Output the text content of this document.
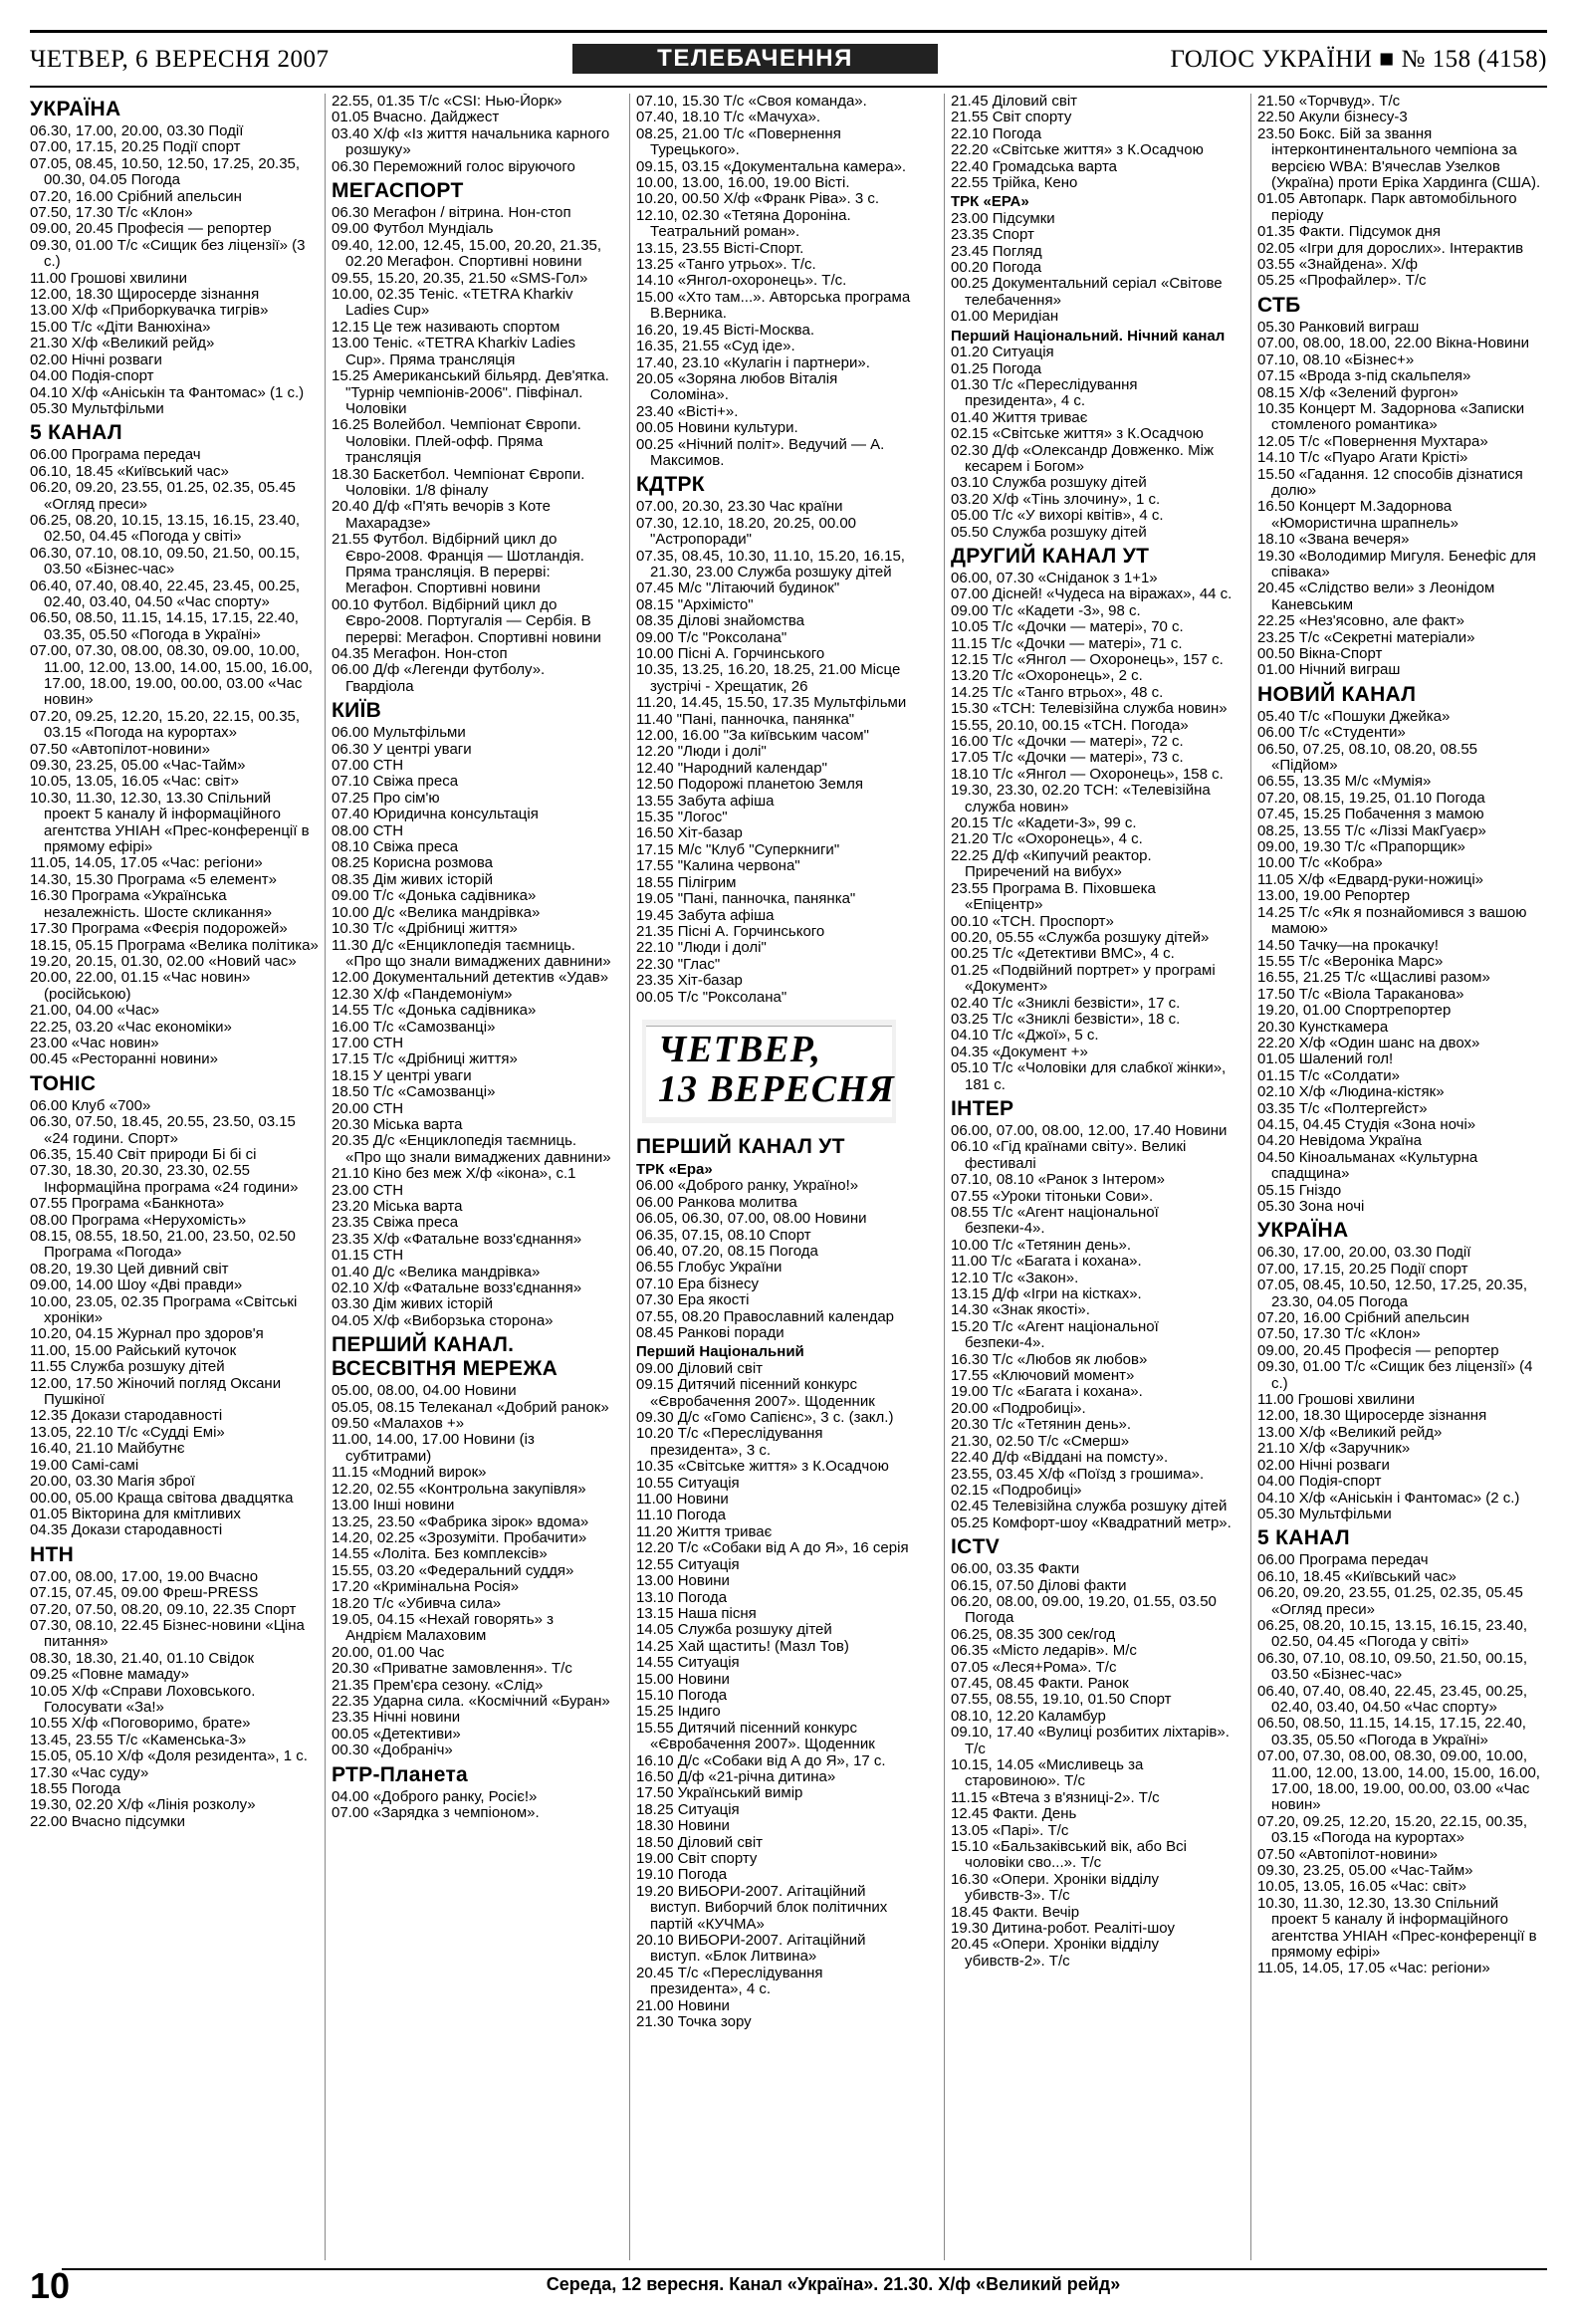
ЧЕТВЕР, 6 ВЕРЕСНЯ 2007	ТЕЛЕБАЧЕННЯ	ГОЛОС УКРАЇНИ ■ № 158 (4158)
УКРАЇНА
06.30, 17.00, 20.00, 03.30 Події
07.00, 17.15, 20.25 Події спорт
07.05, 08.45, 10.50, 12.50, 17.25, 20.35, 00.30, 04.05 Погода
07.20, 16.00 Срібний апельсин
07.50, 17.30 Т/с «Клон»
09.00, 20.45 Професія — репортер
09.30, 01.00 Т/с «Сищик без ліцензії» (3 с.)
11.00 Грошові хвилини
12.00, 18.30 Щиросерде зізнання
13.00 Х/ф «Приборкувачка тигрів»
15.00 Т/с «Діти Ванюхіна»
21.30 Х/ф «Великий рейд»
02.00 Нічні розваги
04.00 Подія-спорт
04.10 Х/ф «Аніськін та Фантомас» (1 с.)
05.30 Мультфільми
5 КАНАЛ
06.00 Програма передач
06.10, 18.45 «Київський час»
06.20, 09.20, 23.55, 01.25, 02.35, 05.45 «Огляд преси»
06.25, 08.20, 10.15, 13.15, 16.15, 23.40, 02.50, 04.45 «Погода у світі»
06.30, 07.10, 08.10, 09.50, 21.50, 00.15, 03.50 «Бізнес-час»
06.40, 07.40, 08.40, 22.45, 23.45, 00.25, 02.40, 03.40, 04.50 «Час спорту»
06.50, 08.50, 11.15, 14.15, 17.15, 22.40, 03.35, 05.50 «Погода в Україні»
07.00, 07.30, 08.00, 08.30, 09.00, 10.00, 11.00, 12.00, 13.00, 14.00, 15.00, 16.00, 17.00, 18.00, 19.00, 00.00, 03.00 «Час новин»
07.20, 09.25, 12.20, 15.20, 22.15, 00.35, 03.15 «Погода на курортах»
07.50 «Автопілот-новини»
09.30, 23.25, 05.00 «Час-Тайм»
10.05, 13.05, 16.05 «Час: світ»
10.30, 11.30, 12.30, 13.30 Спільний проект 5 каналу й інформаційного агентства УНІАН «Прес-конференції в прямому ефірі»
11.05, 14.05, 17.05 «Час: регіони»
14.30, 15.30 Програма «5 елемент»
16.30 Програма «Українська незалежність. Шосте скликання»
17.30 Програма «Феєрія подорожей»
18.15, 05.15 Програма «Велика політика»
19.20, 20.15, 01.30, 02.00 «Новий час»
20.00, 22.00, 01.15 «Час новин» (російською)
21.00, 04.00 «Час»
22.25, 03.20 «Час економіки»
23.00 «Час новин»
00.45 «Ресторанні новини»
ТОНІС
06.00 Клуб «700»
06.30, 07.50, 18.45, 20.55, 23.50, 03.15 «24 години. Спорт»
06.35, 15.40 Світ природи Бі бі сі
07.30, 18.30, 20.30, 23.30, 02.55 Інформаційна програма «24 години»
07.55 Програма «Банкнота»
08.00 Програма «Нерухомість»
08.15, 08.55, 18.50, 21.00, 23.50, 02.50 Програма «Погода»
08.20, 19.30 Цей дивний світ
09.00, 14.00 Шоу «Дві правди»
10.00, 23.05, 02.35 Програма «Світські хроніки»
10.20, 04.15 Журнал про здоров'я
11.00, 15.00 Райський куточок
11.55 Служба розшуку дітей
12.00, 17.50 Жіночий погляд Оксани Пушкіної
12.35 Докази стародавності
13.05, 22.10 Т/с «Судді Емі»
16.40, 21.10 Майбутнє
19.00 Самі-самі
20.00, 03.30 Магія зброї
00.00, 05.00 Краща світова двадцятка
01.05 Вікторина для кмітливих
04.35 Докази стародавності
НТН
07.00, 08.00, 17.00, 19.00 Вчасно
07.15, 07.45, 09.00 Фреш-PRESS
07.20, 07.50, 08.20, 09.10, 22.35 Спорт
07.30, 08.10, 22.45 Бізнес-новини «Ціна питання»
08.30, 18.30, 21.40, 01.10 Свідок
09.25 «Повне мамаду»
10.05 Х/ф «Справи Лоховського. Голосувати «За!»
10.55 Х/ф «Поговоримо, брате»
13.45, 23.55 Т/с «Каменська-3»
15.05, 05.10 Х/ф «Доля резидента», 1 с.
17.30 «Час суду»
18.55 Погода
19.30, 02.20 Х/ф «Лінія розколу»
22.00 Вчасно підсумки
22.55, 01.35 Т/с «CSI: Нью-Йорк»
01.05 Вчасно. Дайджест
03.40 Х/ф «Із життя начальника карного розшуку»
06.30 Переможний голос віруючого
МЕГАСПОРТ
06.30 Мегафон / вітрина. Нон-стоп
09.00 Футбол Мундіаль
09.40, 12.00, 12.45, 15.00, 20.20, 21.35, 02.20 Мегафон. Спортивні новини
09.55, 15.20, 20.35, 21.50 «SMS-Гол»
10.00, 02.35 Теніс. «TETRA Kharkiv Ladies Cup»
12.15 Це теж називають спортом
13.00 Теніс. «TETRA Kharkiv Ladies Cup». Пряма трансляція
15.25 Американський більярд. Дев'ятка. "Турнір чемпіонів-2006". Півфінал. Чоловіки
16.25 Волейбол. Чемпіонат Європи. Чоловіки. Плей-офф. Пряма трансляція
18.30 Баскетбол. Чемпіонат Європи. Чоловіки. 1/8 фіналу
20.40 Д/ф «П'ять вечорів з Коте Махарадзе»
21.55 Футбол. Відбірний цикл до Євро-2008. Франція — Шотландія. Пряма трансляція. В перерві: Мегафон. Спортивні новини
00.10 Футбол. Відбірний цикл до Євро-2008. Португалія — Сербія. В перерві: Мегафон. Спортивні новини
04.35 Мегафон. Нон-стоп
06.00 Д/ф «Легенди футболу». Гвардіола
КИЇВ
06.00 Мультфільми
06.30 У центрі уваги
07.00 СТН
07.10 Свіжа преса
07.25 Про сім'ю
07.40 Юридична консультація
08.00 СТН
08.10 Свіжа преса
08.25 Корисна розмова
08.35 Дім живих історій
09.00 Т/с «Донька садівника»
10.00 Д/с «Велика мандрівка»
10.30 Т/с «Дрібниці життя»
11.30 Д/с «Енциклопедія таємниць. «Про що знали вимаджених давнини»
12.00 Документальний детектив «Удав»
12.30 Х/ф «Пандемоніум»
14.55 Т/с «Донька садівника»
16.00 Т/с «Самозванці»
17.00 СТН
17.15 Т/с «Дрібниці життя»
18.15 У центрі уваги
18.50 Т/с «Самозванці»
20.00 СТН
20.30 Міська варта
20.35 Д/с «Енциклопедія таємниць. «Про що знали вимаджених давнини»
21.10 Кіно без меж Х/ф «ікона», с.1
23.00 СТН
23.20 Міська варта
23.35 Свіжа преса
23.35 Х/ф «Фатальне возз'єднання»
01.15 СТН
01.40 Д/с «Велика мандрівка»
02.10 Х/ф «Фатальне возз'єднання»
03.30 Дім живих історій
04.05 Х/ф «Виборзька сторона»
ПЕРШИЙ КАНАЛ. ВСЕСВІТНЯ МЕРЕЖА
05.00, 08.00, 04.00 Новини
05.05, 08.15 Телеканал «Добрий ранок»
09.50 «Малахов +»
11.00, 14.00, 17.00 Новини (із субтитрами)
11.15 «Модний вирок»
12.20, 02.55 «Контрольна закупівля»
13.00 Інші новини
13.25, 23.50 «Фабрика зірок» вдома»
14.20, 02.25 «Зрозуміти. Пробачити»
14.55 «Лоліта. Без комплексів»
15.55, 03.20 «Федеральний суддя»
17.20 «Кримінальна Росія»
18.20 Т/с «Убивча сила»
19.05, 04.15 «Нехай говорять» з Андрієм Малаховим
20.00, 01.00 Час
20.30 «Приватне замовлення». Т/с
21.35 Прем'єра сезону. «Слід»
22.35 Ударна сила. «Космічний «Буран»
23.35 Нічні новини
00.05 «Детективи»
00.30 «Добраніч»
РТР-Планета
04.00 «Доброго ранку, Росіє!»
07.00 «Зарядка з чемпіоном».
07.10, 15.30 Т/с «Своя команда».
07.40, 18.10 Т/с «Мачуха».
08.25, 21.00 Т/с «Повернення Турецького».
09.15, 03.15 «Документальна камера».
10.00, 13.00, 16.00, 19.00 Вісті.
10.20, 00.50 Х/ф «Франк Ріва». 3 с.
12.10, 02.30 «Тетяна Дороніна. Театральний роман».
13.15, 23.55 Вісті-Спорт.
13.25 «Танго утрьох». Т/с.
14.10 «Янгол-охоронець». Т/с.
15.00 «Хто там...». Авторська програма В.Верника.
16.20, 19.45 Вісті-Москва.
16.35, 21.55 «Суд іде».
17.40, 23.10 «Кулагін і партнери».
20.05 «Зоряна любов Віталія Соломіна».
23.40 «Вісті+».
00.05 Новини культури.
00.25 «Нічний політ». Ведучий — А. Максимов.
КДТРК
07.00, 20.30, 23.30 Час країни
07.30, 12.10, 18.20, 20.25, 00.00 "Астропоради"
07.35, 08.45, 10.30, 11.10, 15.20, 16.15, 21.30, 23.00 Служба розшуку дітей
07.45 М/с "Літаючий будинок"
08.15 "Архімісто"
08.35 Ділові знайомства
09.00 Т/с "Роксолана"
10.00 Пісні А. Горчинського
10.35, 13.25, 16.20, 18.25, 21.00 Місце зустрічі - Хрещатик, 26
11.20, 14.45, 15.50, 17.35 Мультфільми
11.40 "Пані, панночка, панянка"
12.00, 16.00 "За київським часом"
12.20 "Люди і долі"
12.40 "Народний календар"
12.50 Подорожі планетою Земля
13.55 Забута афіша
15.35 "Логос"
16.50 Хіт-базар
17.15 М/с "Клуб "Суперкниги"
17.55 "Калина червона"
18.55 Пілігрим
19.05 "Пані, панночка, панянка"
19.45 Забута афіша
21.35 Пісні А. Горчинського
22.10 "Люди і долі"
22.30 "Глас"
23.35 Хіт-базар
00.05 Т/с "Роксолана"
ЧЕТВЕР,
13 ВЕРЕСНЯ
ПЕРШИЙ КАНАЛ УТ
ТРК «Ера»
06.00 «Доброго ранку, Україно!»
06.00 Ранкова молитва
06.05, 06.30, 07.00, 08.00 Новини
06.35, 07.15, 08.10 Спорт
06.40, 07.20, 08.15 Погода
06.55 Глобус України
07.10 Ера бізнесу
07.30 Ера якості
07.55, 08.20 Православний календар
08.45 Ранкові поради
Перший Національний
09.00 Діловий світ
09.15 Дитячий пісенний конкурс «Євробачення 2007». Щоденник
09.30 Д/с «Гомо Сапієнс», 3 с. (закл.)
10.20 Т/с «Переслідування президента», 3 с.
10.35 «Світське життя» з К.Осадчою
10.55 Ситуація
11.00 Новини
11.10 Погода
11.20 Життя триває
12.20 Т/с «Собаки від А до Я», 16 серія
12.55 Ситуація
13.00 Новини
13.10 Погода
13.15 Наша пісня
14.05 Служба розшуку дітей
14.25 Хай щастить! (Мазл Тов)
14.55 Ситуація
15.00 Новини
15.10 Погода
15.25 Індиго
15.55 Дитячий пісенний конкурс «Євробачення 2007». Щоденник
16.10 Д/с «Собаки від А до Я», 17 с.
16.50 Д/ф «21-річна дитина»
17.50 Український вимір
18.25 Ситуація
18.30 Новини
18.50 Діловий світ
19.00 Світ спорту
19.10 Погода
19.20 ВИБОРИ-2007. Агітаційний виступ. Виборчий блок політичних партій «КУЧМА»
20.10 ВИБОРИ-2007. Агітаційний виступ. «Блок Литвина»
20.45 Т/с «Переслідування президента», 4 с.
21.00 Новини
21.30 Точка зору
21.45 Діловий світ
21.55 Світ спорту
22.10 Погода
22.20 «Світське життя» з К.Осадчою
22.40 Громадська варта
22.55 Трійка, Кено
ТРК «ЕРА»
23.00 Підсумки
23.35 Спорт
23.45 Погляд
00.20 Погода
00.25 Документальний серіал «Світове телебачення»
01.00 Меридіан
Перший Національний. Нічний канал
01.20 Ситуація
01.25 Погода
01.30 Т/с «Переслідування президента», 4 с.
01.40 Життя триває
02.15 «Світське життя» з К.Осадчою
02.30 Д/ф «Олександр Довженко. Між кесарем і Богом»
03.10 Служба розшуку дітей
03.20 Х/ф «Тінь злочину», 1 с.
05.00 Т/с «У вихорі квітів», 4 с.
05.50 Служба розшуку дітей
ДРУГИЙ КАНАЛ УТ
06.00, 07.30 «Сніданок з 1+1»
07.00 Дісней! «Чудеса на віражах», 44 с.
09.00 Т/с «Кадети -3», 98 с.
10.05 Т/с «Дочки — матері», 70 с.
11.15 Т/с «Дочки — матері», 71 с.
12.15 Т/с «Янгол — Охоронець», 157 с.
13.20 Т/с «Охоронець», 2 с.
14.25 Т/с «Танго втрьох», 48 с.
15.30 «ТСН: Телевізійна служба новин»
15.55, 20.10, 00.15 «ТСН. Погода»
16.00 Т/с «Дочки — матері», 72 с.
17.05 Т/с «Дочки — матері», 73 с.
18.10 Т/с «Янгол — Охоронець», 158 с.
19.30, 23.30, 02.20 ТСН: «Телевізійна служба новин»
20.15 Т/с «Кадети-3», 99 с.
21.20 Т/с «Охоронець», 4 с.
22.25 Д/ф «Кипучий реактор. Приречений на вибух»
23.55 Програма В. Піховшека «Епіцентр»
00.10 «ТСН. Проспорт»
00.20, 05.55 «Служба розшуку дітей»
00.25 Т/с «Детективи ВМС», 4 с.
01.25 «Подвійний портрет» у програмі «Документ»
02.40 Т/с «Зниклі безвісти», 17 с.
03.25 Т/с «Зниклі безвісти», 18 с.
04.10 Т/с «Джої», 5 с.
04.35 «Документ +»
05.10 Т/с «Чоловіки для слабкої жінки», 181 с.
ІНТЕР
06.00, 07.00, 08.00, 12.00, 17.40 Новини
06.10 «Гід країнами світу». Великі фестивалі
07.10, 08.10 «Ранок з Інтером»
07.55 «Уроки тітоньки Сови».
08.55 Т/с «Агент національної безпеки-4».
10.00 Т/с «Тетянин день».
11.00 Т/с «Багата і кохана».
12.10 Т/с «Закон».
13.15 Д/ф «Ігри на кістках».
14.30 «Знак якості».
15.20 Т/с «Агент національної безпеки-4».
16.30 Т/с «Любов як любов»
17.55 «Ключовий момент»
19.00 Т/с «Багата і кохана».
20.00 «Подробиці».
20.30 Т/с «Тетянин день».
21.30, 02.50 Т/с «Смерш»
22.40 Д/ф «Віддані на помсту».
23.55, 03.45 Х/ф «Поїзд з грошима».
02.15 «Подробиці»
02.45 Телевізійна служба розшуку дітей
05.25 Комфорт-шоу «Квадратний метр».
ICTV
06.00, 03.35 Факти
06.15, 07.50 Ділові факти
06.20, 08.00, 09.00, 19.20, 01.55, 03.50 Погода
06.25, 08.35 300 сек/год
06.35 «Місто ледарів». М/с
07.05 «Леся+Рома». Т/с
07.45, 08.45 Факти. Ранок
07.55, 08.55, 19.10, 01.50 Спорт
08.10, 12.20 Каламбур
09.10, 17.40 «Вулиці розбитих ліхтарів». Т/с
10.15, 14.05 «Мисливець за старовиною». Т/с
11.15 «Втеча з в'язниці-2». Т/с
12.45 Факти. День
13.05 «Парі». Т/с
15.10 «Бальзаківський вік, або Всі чоловіки сво...». Т/с
16.30 «Опери. Хроніки відділу убивств-3». Т/с
18.45 Факти. Вечір
19.30 Дитина-робот. Реаліті-шоу
20.45 «Опери. Хроніки відділу убивств-2». Т/с
21.50 «Торчвуд». Т/с
22.50 Акули бізнесу-3
23.50 Бокс. Бій за звання інтерконтинентального чемпіона за версією WBA: В'ячеслав Узелков (Україна) проти Еріка Хардинга (США).
01.05 Автопарк. Парк автомобільного періоду
01.35 Факти. Підсумок дня
02.05 «Ігри для дорослих». Інтерактив
03.55 «Знайдена». Х/ф
05.25 «Профайлер». Т/с
СТБ
05.30 Ранковий виграш
07.00, 08.00, 18.00, 22.00 Вікна-Новини
07.10, 08.10 «Бізнес+»
07.15 «Врода з-під скальпеля»
08.15 Х/ф «Зелений фургон»
10.35 Концерт М. Задорнова «Записки стомленого романтика»
12.05 Т/с «Повернення Мухтара»
14.10 Т/с «Пуаро Агати Крісті»
15.50 «Гадання. 12 способів дізнатися долю»
16.50 Концерт М.Задорнова «Юмористична шрапнель»
18.10 «Звана вечеря»
19.30 «Володимир Мигуля. Бенефіс для співака»
20.45 «Слідство вели» з Леонідом Каневським
22.25 «Нез'ясовно, але факт»
23.25 Т/с «Секретні матеріали»
00.50 Вікна-Спорт
01.00 Нічний виграш
НОВИЙ КАНАЛ
05.40 Т/с «Пошуки Джейка»
06.00 Т/с «Студенти»
06.50, 07.25, 08.10, 08.20, 08.55 «Підйом»
06.55, 13.35 М/с «Мумія»
07.20, 08.15, 19.25, 01.10 Погода
07.45, 15.25 Побачення з мамою
08.25, 13.55 Т/с «Ліззі МакГуаєр»
09.00, 19.30 Т/с «Прапорщик»
10.00 Т/с «Кобра»
11.05 Х/ф «Едвард-руки-ножиці»
13.00, 19.00 Репортер
14.25 Т/с «Як я познайомився з вашою мамою»
14.50 Тачку—на прокачку!
15.55 Т/с «Вероніка Марс»
16.55, 21.25 Т/с «Щасливі разом»
17.50 Т/с «Віола Тараканова»
19.20, 01.00 Спортрепортер
20.30 Кунсткамера
22.20 Х/ф «Один шанс на двох»
01.05 Шалений гол!
01.15 Т/с «Солдати»
02.10 Х/ф «Людина-кістяк»
03.35 Т/с «Полтергейст»
04.15, 04.45 Студія «Зона ночі»
04.20 Невідома Україна
04.50 Кіноальманах «Культурна спадщина»
05.15 Гніздо
05.30 Зона ночі
УКРАЇНА
06.30, 17.00, 20.00, 03.30 Події
07.00, 17.15, 20.25 Події спорт
07.05, 08.45, 10.50, 12.50, 17.25, 20.35, 23.30, 04.05 Погода
07.20, 16.00 Срібний апельсин
07.50, 17.30 Т/с «Клон»
09.00, 20.45 Професія — репортер
09.30, 01.00 Т/с «Сищик без ліцензії» (4 с.)
11.00 Грошові хвилини
12.00, 18.30 Щиросерде зізнання
13.00 Х/ф «Великий рейд»
21.10 Х/ф «Заручник»
02.00 Нічні розваги
04.00 Подія-спорт
04.10 Х/ф «Аніськін і Фантомас» (2 с.)
05.30 Мультфільми
5 КАНАЛ
06.00 Програма передач
06.10, 18.45 «Київський час»
06.20, 09.20, 23.55, 01.25, 02.35, 05.45 «Огляд преси»
06.25, 08.20, 10.15, 13.15, 16.15, 23.40, 02.50, 04.45 «Погода у світі»
06.30, 07.10, 08.10, 09.50, 21.50, 00.15, 03.50 «Бізнес-час»
06.40, 07.40, 08.40, 22.45, 23.45, 00.25, 02.40, 03.40, 04.50 «Час спорту»
06.50, 08.50, 11.15, 14.15, 17.15, 22.40, 03.35, 05.50 «Погода в Україні»
07.00, 07.30, 08.00, 08.30, 09.00, 10.00, 11.00, 12.00, 13.00, 14.00, 15.00, 16.00, 17.00, 18.00, 19.00, 00.00, 03.00 «Час новин»
07.20, 09.25, 12.20, 15.20, 22.15, 00.35, 03.15 «Погода на курортах»
07.50 «Автопілот-новини»
09.30, 23.25, 05.00 «Час-Тайм»
10.05, 13.05, 16.05 «Час: світ»
10.30, 11.30, 12.30, 13.30 Спільний проект 5 каналу й інформаційного агентства УНІАН «Прес-конференції в прямому ефірі»
11.05, 14.05, 17.05 «Час: регіони»
10	Середа, 12 вересня. Канал «Україна». 21.30. Х/ф «Великий рейд»
